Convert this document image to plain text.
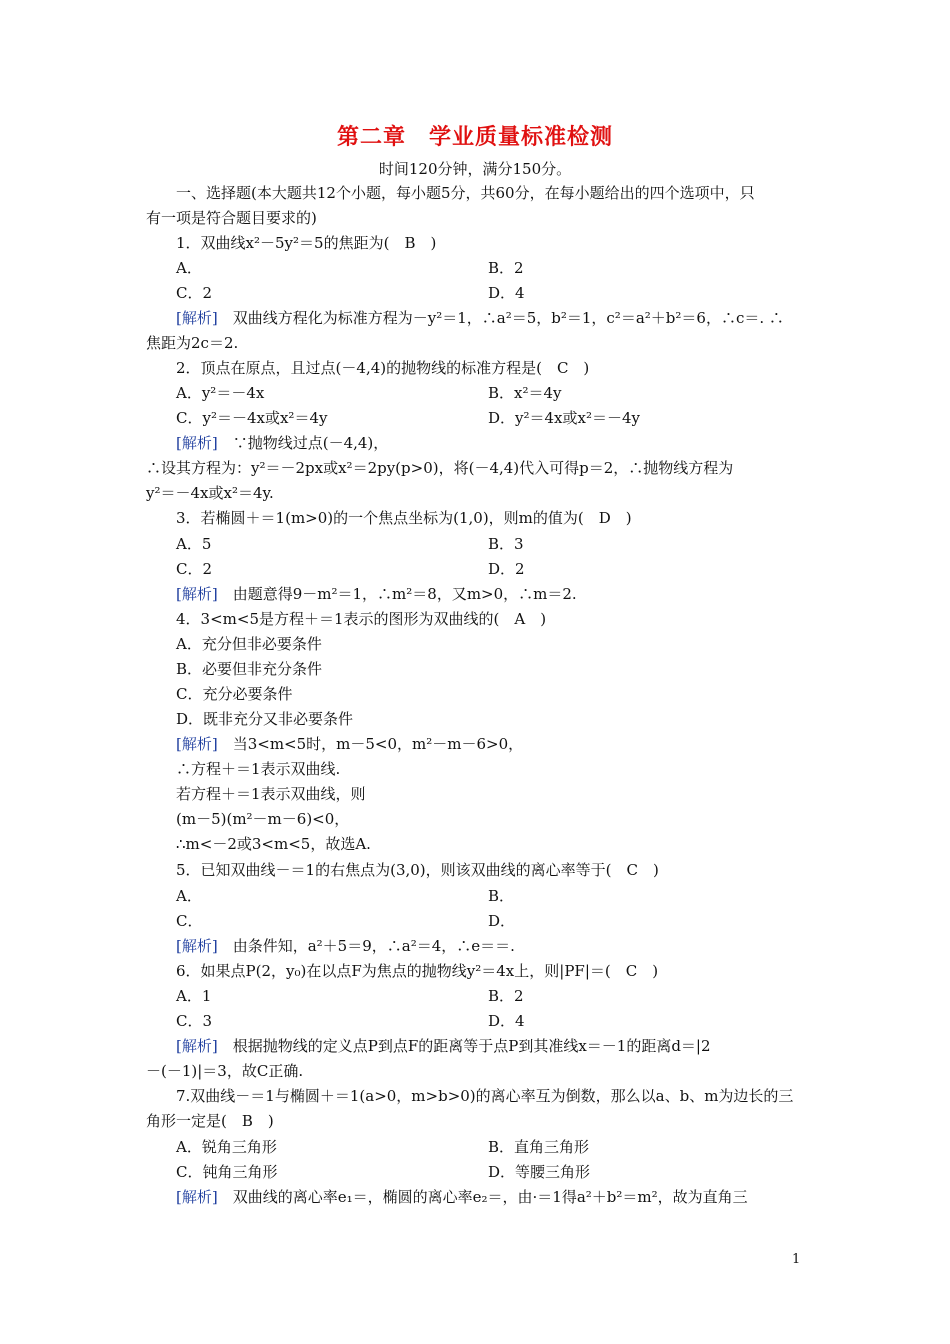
第二章　学业质量标准检测
时间120分钟，满分150分。
一、选择题(本大题共12个小题，每小题5分，共60分，在每小题给出的四个选项中，只
有一项是符合题目要求的)
1．双曲线x²－5y²＝5的焦距为(　B　)
A．	B．2
C．2	D．4
[解析]　双曲线方程化为标准方程为－y²＝1，∴a²＝5，b²＝1，c²＝a²＋b²＝6，∴c＝. ∴
焦距为2c＝2.
2．顶点在原点，且过点(－4,4)的抛物线的标准方程是(　C　)
A．y²＝－4x	B．x²＝4y
C．y²＝－4x或x²＝4y	D．y²＝4x或x²＝－4y
[解析]　∵抛物线过点(－4,4)，
∴设其方程为：y²＝－2px或x²＝2py(p>0)，将(－4,4)代入可得p＝2，∴抛物线方程为
y²＝－4x或x²＝4y.
3．若椭圆＋＝1(m>0)的一个焦点坐标为(1,0)，则m的值为(　D　)
A．5	B．3
C．2	D．2
[解析]　由题意得9－m²＝1，∴m²＝8，又m>0，∴m＝2.
4．3<m<5是方程＋＝1表示的图形为双曲线的(　A　)
A．充分但非必要条件
B．必要但非充分条件
C．充分必要条件
D．既非充分又非必要条件
[解析]　当3<m<5时，m－5<0，m²－m－6>0，
∴方程＋＝1表示双曲线.
若方程＋＝1表示双曲线，则
(m－5)(m²－m－6)<0，
∴m<－2或3<m<5，故选A.
5．已知双曲线－＝1的右焦点为(3,0)，则该双曲线的离心率等于(　C　)
A．	B．
C．	D．
[解析]　由条件知，a²＋5＝9，∴a²＝4，∴e＝＝.
6．如果点P(2，y₀)在以点F为焦点的抛物线y²＝4x上，则|PF|＝(　C　)
A．1	B．2
C．3	D．4
[解析]　根据抛物线的定义点P到点F的距离等于点P到其准线x＝－1的距离d＝|2
－(－1)|＝3，故C正确.
7.双曲线－＝1与椭圆＋＝1(a>0，m>b>0)的离心率互为倒数，那么以a、b、m为边长的三
角形一定是(　B　)
A．锐角三角形	B．直角三角形
C．钝角三角形	D．等腰三角形
[解析]　双曲线的离心率e₁＝，椭圆的离心率e₂＝，由·＝1得a²＋b²＝m²，故为直角三
1
